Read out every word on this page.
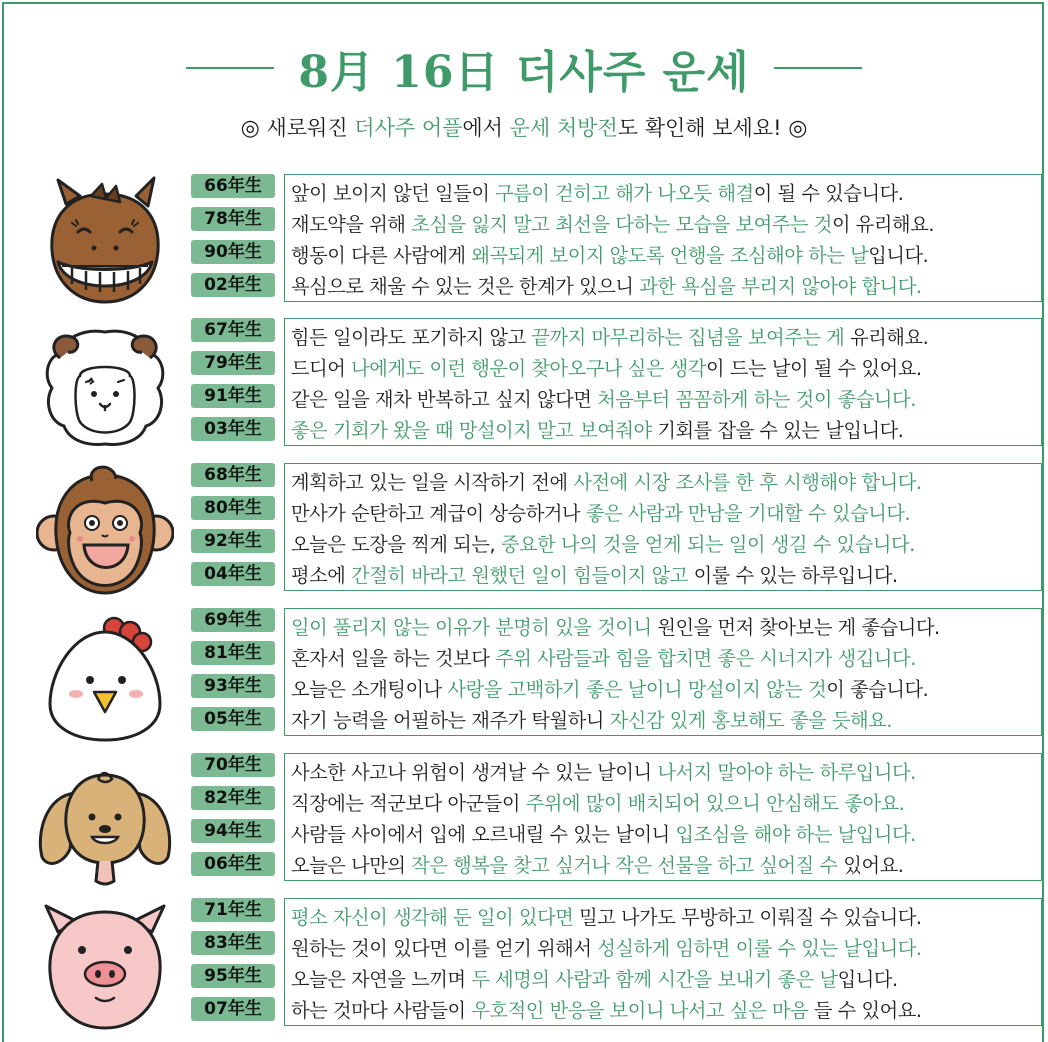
8月 16日 더사주 운세
◎ 새로워진 더사주 어플에서 운세 처방전도 확인해 보세요! ◎
66年生
78年生
90年生
02年生
앞이 보이지 않던 일들이 구름이 걷히고 해가 나오듯 해결이 될 수 있습니다.
재도약을 위해 초심을 잃지 말고 최선을 다하는 모습을 보여주는 것이 유리해요.
행동이 다른 사람에게 왜곡되게 보이지 않도록 언행을 조심해야 하는 날입니다.
욕심으로 채울 수 있는 것은 한계가 있으니 과한 욕심을 부리지 않아야 합니다.
67年生
79年生
91年生
03年生
힘든 일이라도 포기하지 않고 끝까지 마무리하는 집념을 보여주는 게 유리해요.
드디어 나에게도 이런 행운이 찾아오구나 싶은 생각이 드는 날이 될 수 있어요.
같은 일을 재차 반복하고 싶지 않다면 처음부터 꼼꼼하게 하는 것이 좋습니다.
좋은 기회가 왔을 때 망설이지 말고 보여줘야 기회를 잡을 수 있는 날입니다.
68年生
80年生
92年生
04年生
계획하고 있는 일을 시작하기 전에 사전에 시장 조사를 한 후 시행해야 합니다.
만사가 순탄하고 계급이 상승하거나 좋은 사람과 만남을 기대할 수 있습니다.
오늘은 도장을 찍게 되는, 중요한 나의 것을 얻게 되는 일이 생길 수 있습니다.
평소에 간절히 바라고 원했던 일이 힘들이지 않고 이룰 수 있는 하루입니다.
69年生
81年生
93年生
05年生
일이 풀리지 않는 이유가 분명히 있을 것이니 원인을 먼저 찾아보는 게 좋습니다.
혼자서 일을 하는 것보다 주위 사람들과 힘을 합치면 좋은 시너지가 생깁니다.
오늘은 소개팅이나 사랑을 고백하기 좋은 날이니 망설이지 않는 것이 좋습니다.
자기 능력을 어필하는 재주가 탁월하니 자신감 있게 홍보해도 좋을 듯해요.
70年生
82年生
94年生
06年生
사소한 사고나 위험이 생겨날 수 있는 날이니 나서지 말아야 하는 하루입니다.
직장에는 적군보다 아군들이 주위에 많이 배치되어 있으니 안심해도 좋아요.
사람들 사이에서 입에 오르내릴 수 있는 날이니 입조심을 해야 하는 날입니다.
오늘은 나만의 작은 행복을 찾고 싶거나 작은 선물을 하고 싶어질 수 있어요.
71年生
83年生
95年生
07年生
평소 자신이 생각해 둔 일이 있다면 밀고 나가도 무방하고 이뤄질 수 있습니다.
원하는 것이 있다면 이를 얻기 위해서 성실하게 임하면 이룰 수 있는 날입니다.
오늘은 자연을 느끼며 두 세명의 사람과 함께 시간을 보내기 좋은 날입니다.
하는 것마다 사람들이 우호적인 반응을 보이니 나서고 싶은 마음 들 수 있어요.
